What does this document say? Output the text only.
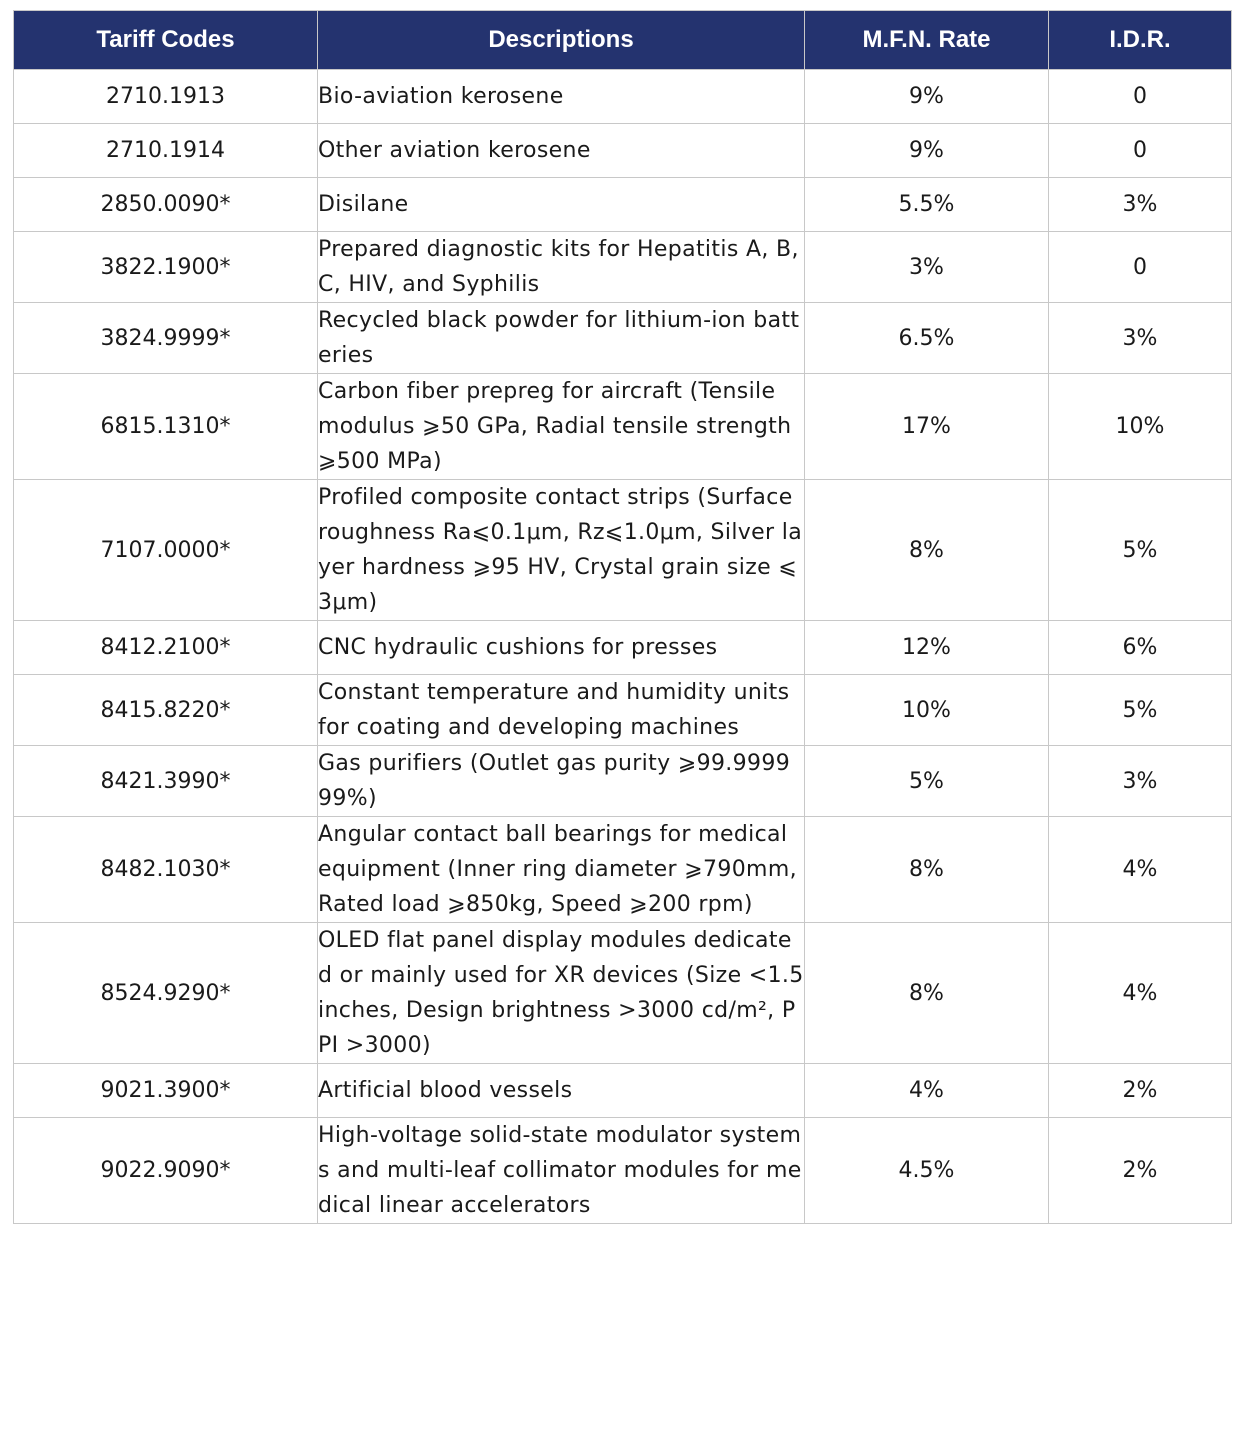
Tariff Codes	Descriptions	M.F.N. Rate	I.D.R.
2710.1913	Bio-aviation kerosene	9%	0
2710.1914	Other aviation kerosene	9%	0
2850.0090*	Disilane	5.5%	3%
3822.1900*	Prepared diagnostic kits for Hepatitis A, B, C, HIV, and Syphilis	3%	0
3824.9999*	Recycled black powder for lithium-ion batteries	6.5%	3%
6815.1310*	Carbon fiber prepreg for aircraft (Tensile modulus ⩾50 GPa, Radial tensile strength ⩾500 MPa)	17%	10%
7107.0000*	Profiled composite contact strips (Surface roughness Ra⩽0.1μm, Rz⩽1.0μm, Silver layer hardness ⩾95 HV, Crystal grain size ⩽3μm)	8%	5%
8412.2100*	CNC hydraulic cushions for presses	12%	6%
8415.8220*	Constant temperature and humidity units for coating and developing machines	10%	5%
8421.3990*	Gas purifiers (Outlet gas purity ⩾99.999999%)	5%	3%
8482.1030*	Angular contact ball bearings for medical equipment (Inner ring diameter ⩾790mm, Rated load ⩾850kg, Speed ⩾200 rpm)	8%	4%
8524.9290*	OLED flat panel display modules dedicated or mainly used for XR devices (Size <1.5 inches, Design brightness >3000 cd/m², PPI >3000)	8%	4%
9021.3900*	Artificial blood vessels	4%	2%
9022.9090*	High-voltage solid-state modulator systems and multi-leaf collimator modules for medical linear accelerators	4.5%	2%
